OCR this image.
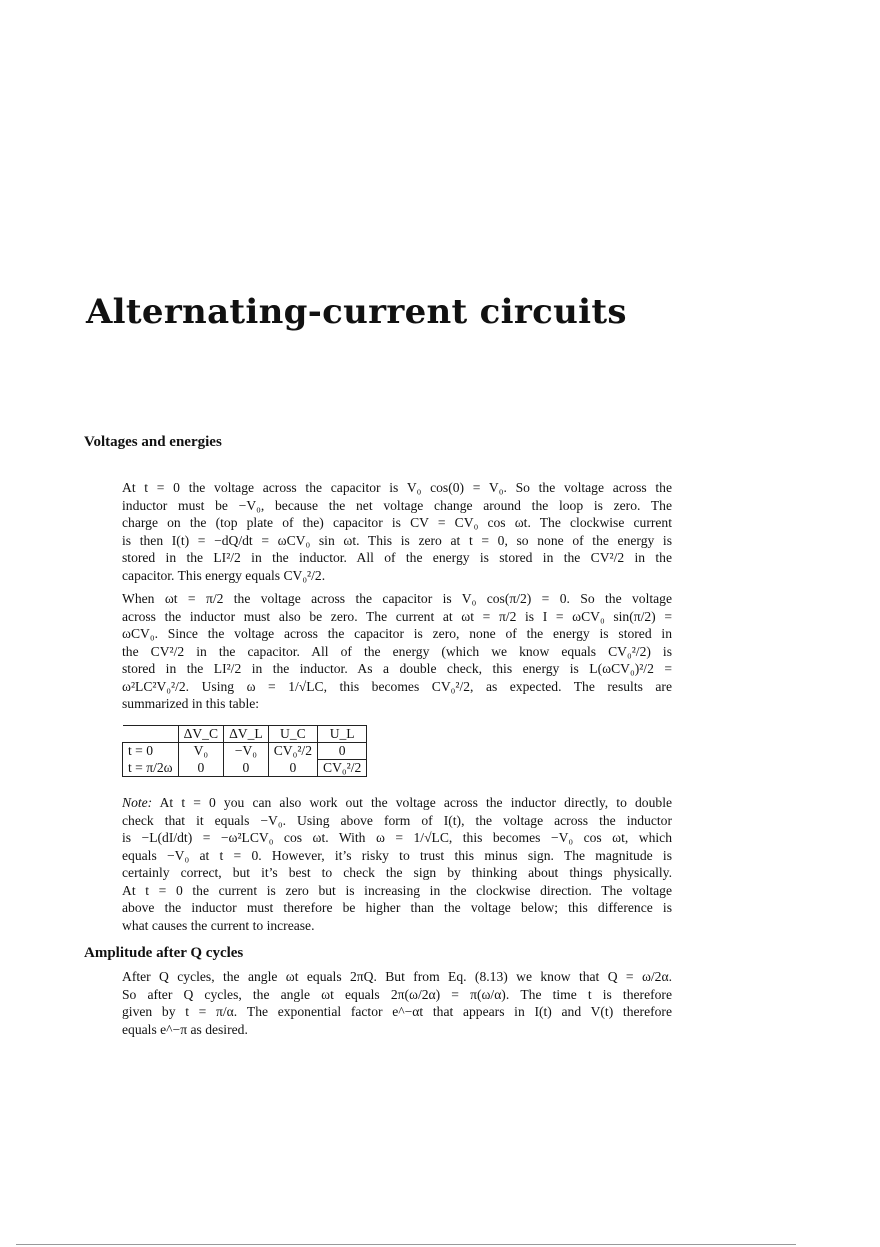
Alternating-current circuits
Voltages and energies
At t = 0 the voltage across the capacitor is V₀ cos(0) = V₀. So the voltage across the
inductor must be −V₀, because the net voltage change around the loop is zero. The
charge on the (top plate of the) capacitor is CV = CV₀ cos ωt. The clockwise current
is then I(t) = −dQ/dt = ωCV₀ sin ωt. This is zero at t = 0, so none of the energy is
stored in the LI²/2 in the inductor. All of the energy is stored in the CV²/2 in the
capacitor. This energy equals CV₀²/2.
When ωt = π/2 the voltage across the capacitor is V₀ cos(π/2) = 0. So the voltage
across the inductor must also be zero. The current at ωt = π/2 is I = ωCV₀ sin(π/2) =
ωCV₀. Since the voltage across the capacitor is zero, none of the energy is stored in
the CV²/2 in the capacitor. All of the energy (which we know equals CV₀²/2) is
stored in the LI²/2 in the inductor. As a double check, this energy is L(ωCV₀)²/2 =
ω²LC²V₀²/2. Using ω = 1/√LC, this becomes CV₀²/2, as expected. The results are
summarized in this table:
	ΔV_C	ΔV_L	U_C	U_L
t = 0	V₀	−V₀	CV₀²/2	0
t = π/2ω	0	0	0	CV₀²/2
Note: At t = 0 you can also work out the voltage across the inductor directly, to double
check that it equals −V₀. Using above form of I(t), the voltage across the inductor
is −L(dI/dt) = −ω²LCV₀ cos ωt. With ω = 1/√LC, this becomes −V₀ cos ωt, which
equals −V₀ at t = 0. However, it’s risky to trust this minus sign. The magnitude is
certainly correct, but it’s best to check the sign by thinking about things physically.
At t = 0 the current is zero but is increasing in the clockwise direction. The voltage
above the inductor must therefore be higher than the voltage below; this difference is
what causes the current to increase.
Amplitude after Q cycles
After Q cycles, the angle ωt equals 2πQ. But from Eq. (8.13) we know that Q = ω/2α.
So after Q cycles, the angle ωt equals 2π(ω/2α) = π(ω/α). The time t is therefore
given by t = π/α. The exponential factor e^−αt that appears in I(t) and V(t) therefore
equals e^−π as desired.
